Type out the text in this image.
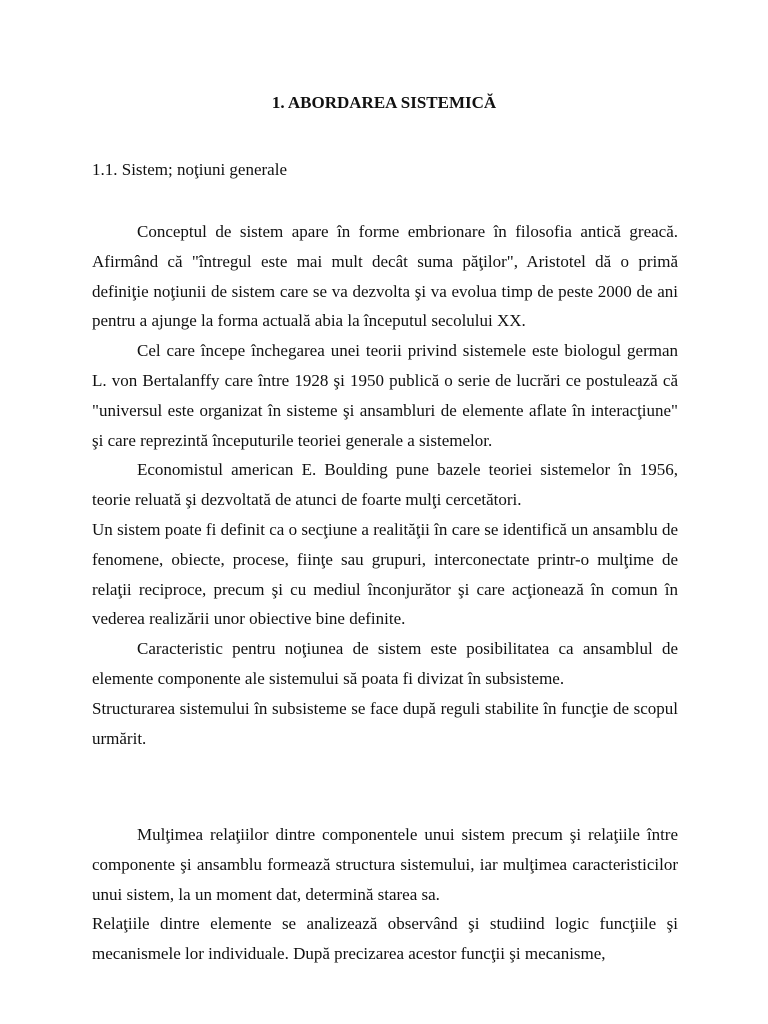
1. ABORDAREA SISTEMICĂ
1.1. Sistem; noţiuni generale

Conceptul de sistem apare în forme embrionare în filosofia antică greacă. Afirmând că "întregul este mai mult decât suma păţilor", Aristotel dă o primă definiţie noţiunii de sistem care se va dezvolta şi va evolua timp de peste 2000 de ani pentru a ajunge la forma actuală abia la începutul secolului XX.

Cel care începe închegarea unei teorii privind sistemele este biologul german L. von Bertalanffy care între 1928 şi 1950 publică o serie de lucrări ce postulează că "universul este organizat în sisteme şi ansambluri de elemente aflate în interacţiune" şi care reprezintă începuturile teoriei generale a sistemelor.

Economistul american E. Boulding pune bazele teoriei sistemelor în 1956, teorie reluată şi dezvoltată de atunci de foarte mulţi cercetători.

Un sistem poate fi definit ca o secţiune a realităţii în care se identifică un ansamblu de fenomene, obiecte, procese, fiinţe sau grupuri, interconectate printr-o mulţime de relaţii reciproce, precum şi cu mediul înconjurător şi care acţionează în comun în vederea realizării unor obiective bine definite.

Caracteristic pentru noţiunea de sistem este posibilitatea ca ansamblul de elemente componente ale sistemului să poata fi divizat în subsisteme.

Structurarea sistemului în subsisteme se face după reguli stabilite în funcţie de scopul urmărit.

Mulţimea relaţiilor dintre componentele unui sistem precum şi relaţiile între componente şi ansamblu formează structura sistemului, iar mulţimea caracteristicilor unui sistem, la un moment dat, determină starea sa.

Relaţiile dintre elemente se analizează observând şi studiind logic funcţiile şi mecanismele lor individuale. După precizarea acestor funcţii şi mecanisme,
